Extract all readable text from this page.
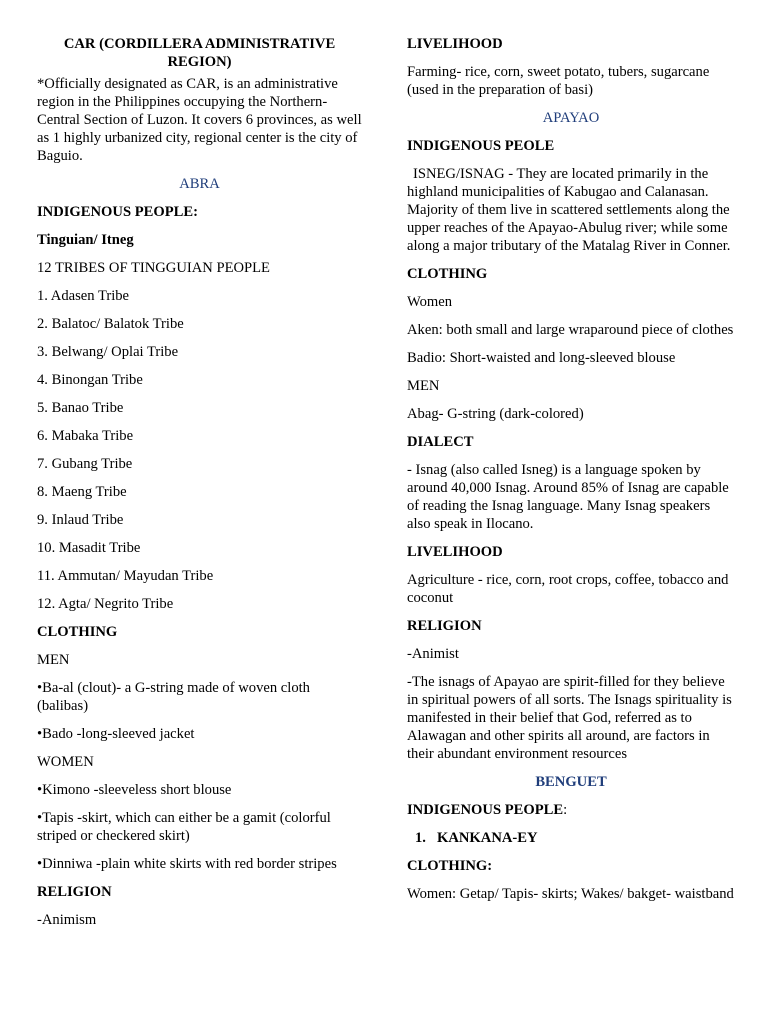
CAR (CORDILLERA ADMINISTRATIVE REGION)

*Officially designated as CAR, is an administrative region in the Philippines occupying the Northern-Central Section of Luzon. It covers 6 provinces, as well as 1 highly urbanized city, regional center is the city of Baguio.

ABRA

INDIGENOUS PEOPLE:

Tinguian/ Itneg

12 TRIBES OF TINGGUIAN PEOPLE

1. Adasen Tribe

2. Balatoc/ Balatok Tribe

3. Belwang/ Oplai Tribe

4. Binongan Tribe

5. Banao Tribe

6. Mabaka Tribe

7. Gubang Tribe

8. Maeng Tribe

9. Inlaud Tribe

10. Masadit Tribe

11. Ammutan/ Mayudan Tribe

12. Agta/ Negrito Tribe

CLOTHING

MEN

•Ba-al (clout)- a G-string made of woven cloth (balibas)

•Bado -long-sleeved jacket

WOMEN

•Kimono -sleeveless short blouse

•Tapis -skirt, which can either be a gamit (colorful striped or checkered skirt)

•Dinniwa -plain white skirts with red border stripes

RELIGION

-Animism

LIVELIHOOD

Farming- rice, corn, sweet potato, tubers, sugarcane (used in the preparation of basi)

APAYAO

INDIGENOUS PEOLE

ISNEG/ISNAG - They are located primarily in the highland municipalities of Kabugao and Calanasan. Majority of them live in scattered settlements along the upper reaches of the Apayao-Abulug river; while some along a major tributary of the Matalag River in Conner.

CLOTHING

Women

Aken: both small and large wraparound piece of clothes

Badio: Short-waisted and long-sleeved blouse

MEN

Abag- G-string (dark-colored)

DIALECT

- Isnag (also called Isneg) is a language spoken by around 40,000 Isnag. Around 85% of Isnag are capable of reading the Isnag language. Many Isnag speakers also speak in Ilocano.

LIVELIHOOD

Agriculture - rice, corn, root crops, coffee, tobacco and coconut

RELIGION

-Animist

-The isnags of Apayao are spirit-filled for they believe in spiritual powers of all sorts. The Isnags spirituality is manifested in their belief that God, referred as to Alawagan and other spirits all around, are factors in their abundant environment resources

BENGUET

INDIGENOUS PEOPLE:

1. KANKANA-EY

CLOTHING:

Women: Getap/ Tapis- skirts; Wakes/ bakget- waistband
